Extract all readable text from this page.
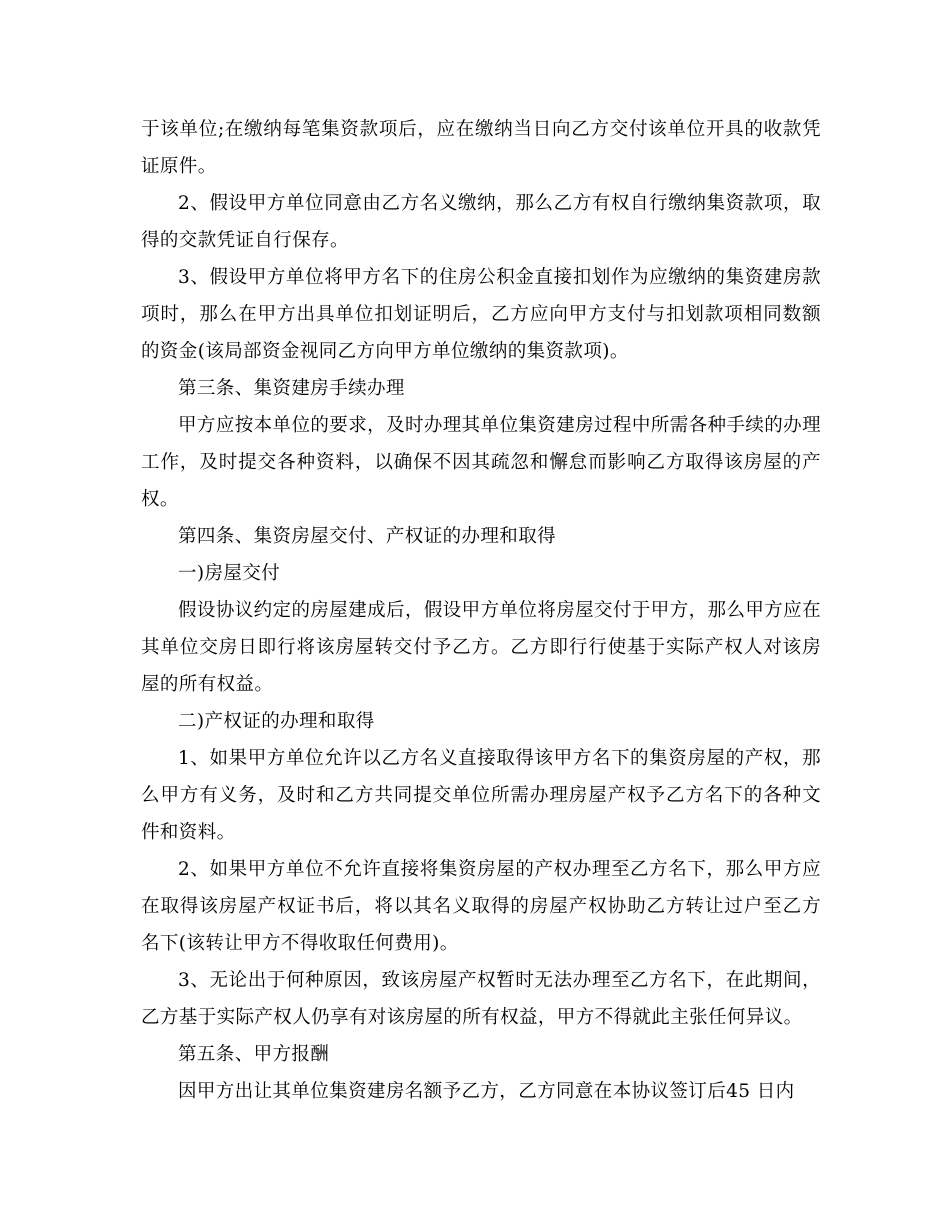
于该单位;在缴纳每笔集资款项后，应在缴纳当日向乙方交付该单位开具的收款凭证原件。

2、假设甲方单位同意由乙方名义缴纳，那么乙方有权自行缴纳集资款项，取得的交款凭证自行保存。

3、假设甲方单位将甲方名下的住房公积金直接扣划作为应缴纳的集资建房款项时，那么在甲方出具单位扣划证明后，乙方应向甲方支付与扣划款项相同数额的资金(该局部资金视同乙方向甲方单位缴纳的集资款项)。

第三条、集资建房手续办理

甲方应按本单位的要求，及时办理其单位集资建房过程中所需各种手续的办理工作，及时提交各种资料，以确保不因其疏忽和懈怠而影响乙方取得该房屋的产权。

第四条、集资房屋交付、产权证的办理和取得

一)房屋交付

假设协议约定的房屋建成后，假设甲方单位将房屋交付于甲方，那么甲方应在其单位交房日即行将该房屋转交付予乙方。乙方即行行使基于实际产权人对该房屋的所有权益。

二)产权证的办理和取得

1、如果甲方单位允许以乙方名义直接取得该甲方名下的集资房屋的产权，那么甲方有义务，及时和乙方共同提交单位所需办理房屋产权予乙方名下的各种文件和资料。

2、如果甲方单位不允许直接将集资房屋的产权办理至乙方名下，那么甲方应在取得该房屋产权证书后，将以其名义取得的房屋产权协助乙方转让过户至乙方名下(该转让甲方不得收取任何费用)。

3、无论出于何种原因，致该房屋产权暂时无法办理至乙方名下，在此期间，乙方基于实际产权人仍享有对该房屋的所有权益，甲方不得就此主张任何异议。

第五条、甲方报酬

因甲方出让其单位集资建房名额予乙方，乙方同意在本协议签订后45 日内
